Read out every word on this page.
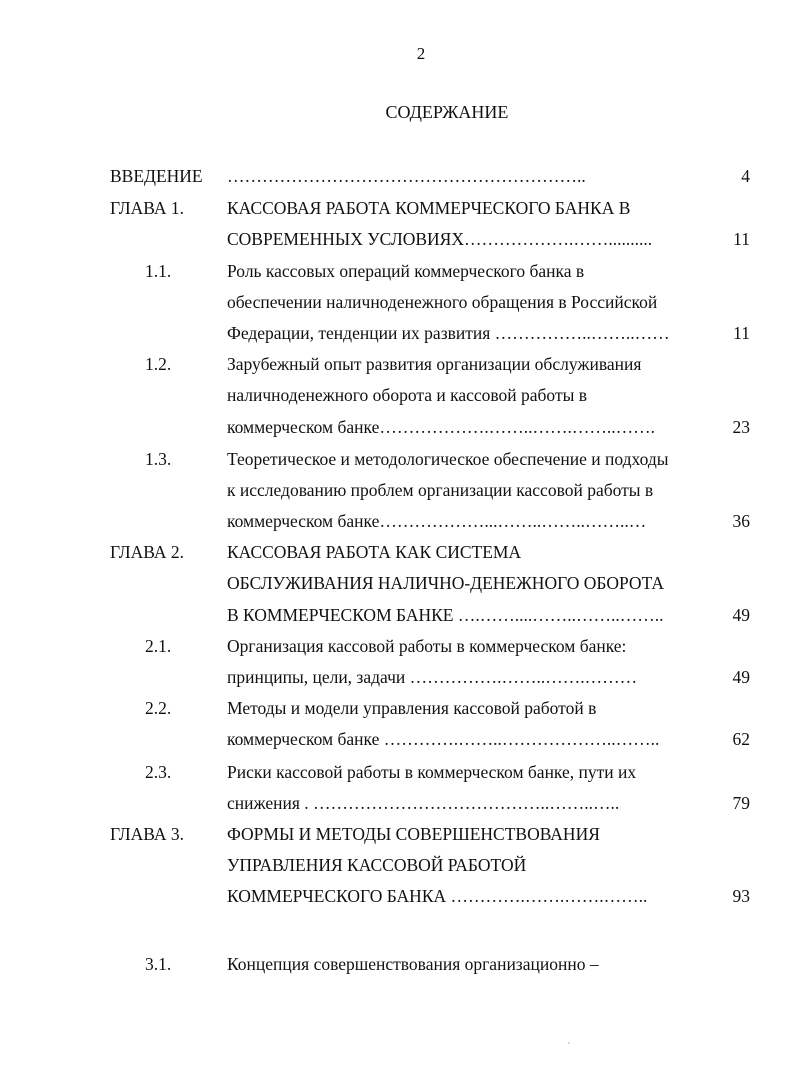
2
СОДЕРЖАНИЕ
ВВЕДЕНИЕ ……………………………………………………..	4
ГЛАВА 1. КАССОВАЯ РАБОТА КОММЕРЧЕСКОГО БАНКА В
СОВРЕМЕННЫХ УСЛОВИЯХ……………….……..........	11
1.1.	Роль кассовых операций коммерческого банка в
обеспечении наличноденежного обращения в Российской
Федерации, тенденции их развития ……………..……..……	11
1.2.	Зарубежный опыт развития организации обслуживания
наличноденежного оборота и кассовой работы в
коммерческом банке……………….……..…….……..…….	23
1.3.	Теоретическое и методологическое обеспечение и подходы
к исследованию проблем организации кассовой работы в
коммерческом банке………………...……..……..……..…	36
ГЛАВА 2. КАССОВАЯ РАБОТА КАК СИСТЕМА
ОБСЛУЖИВАНИЯ НАЛИЧНО-ДЕНЕЖНОГО ОБОРОТА
В КОММЕРЧЕСКОМ БАНКЕ ….……....……..……..……..	49
2.1.	Организация кассовой работы в коммерческом банке:
принципы, цели, задачи …………….……..…….………	49
2.2.	Методы и модели управления кассовой работой в
коммерческом банке ………….……..………………..……..	62
2.3.	Риски кассовой работы в коммерческом банке, пути их
снижения . …………………………………..……..…..	79
ГЛАВА 3. ФОРМЫ И МЕТОДЫ СОВЕРШЕНСТВОВАНИЯ
УПРАВЛЕНИЯ КАССОВОЙ РАБОТОЙ
КОММЕРЧЕСКОГО БАНКА ………….…….…….……..	93
3.1.	Концепция совершенствования организационно –
,
